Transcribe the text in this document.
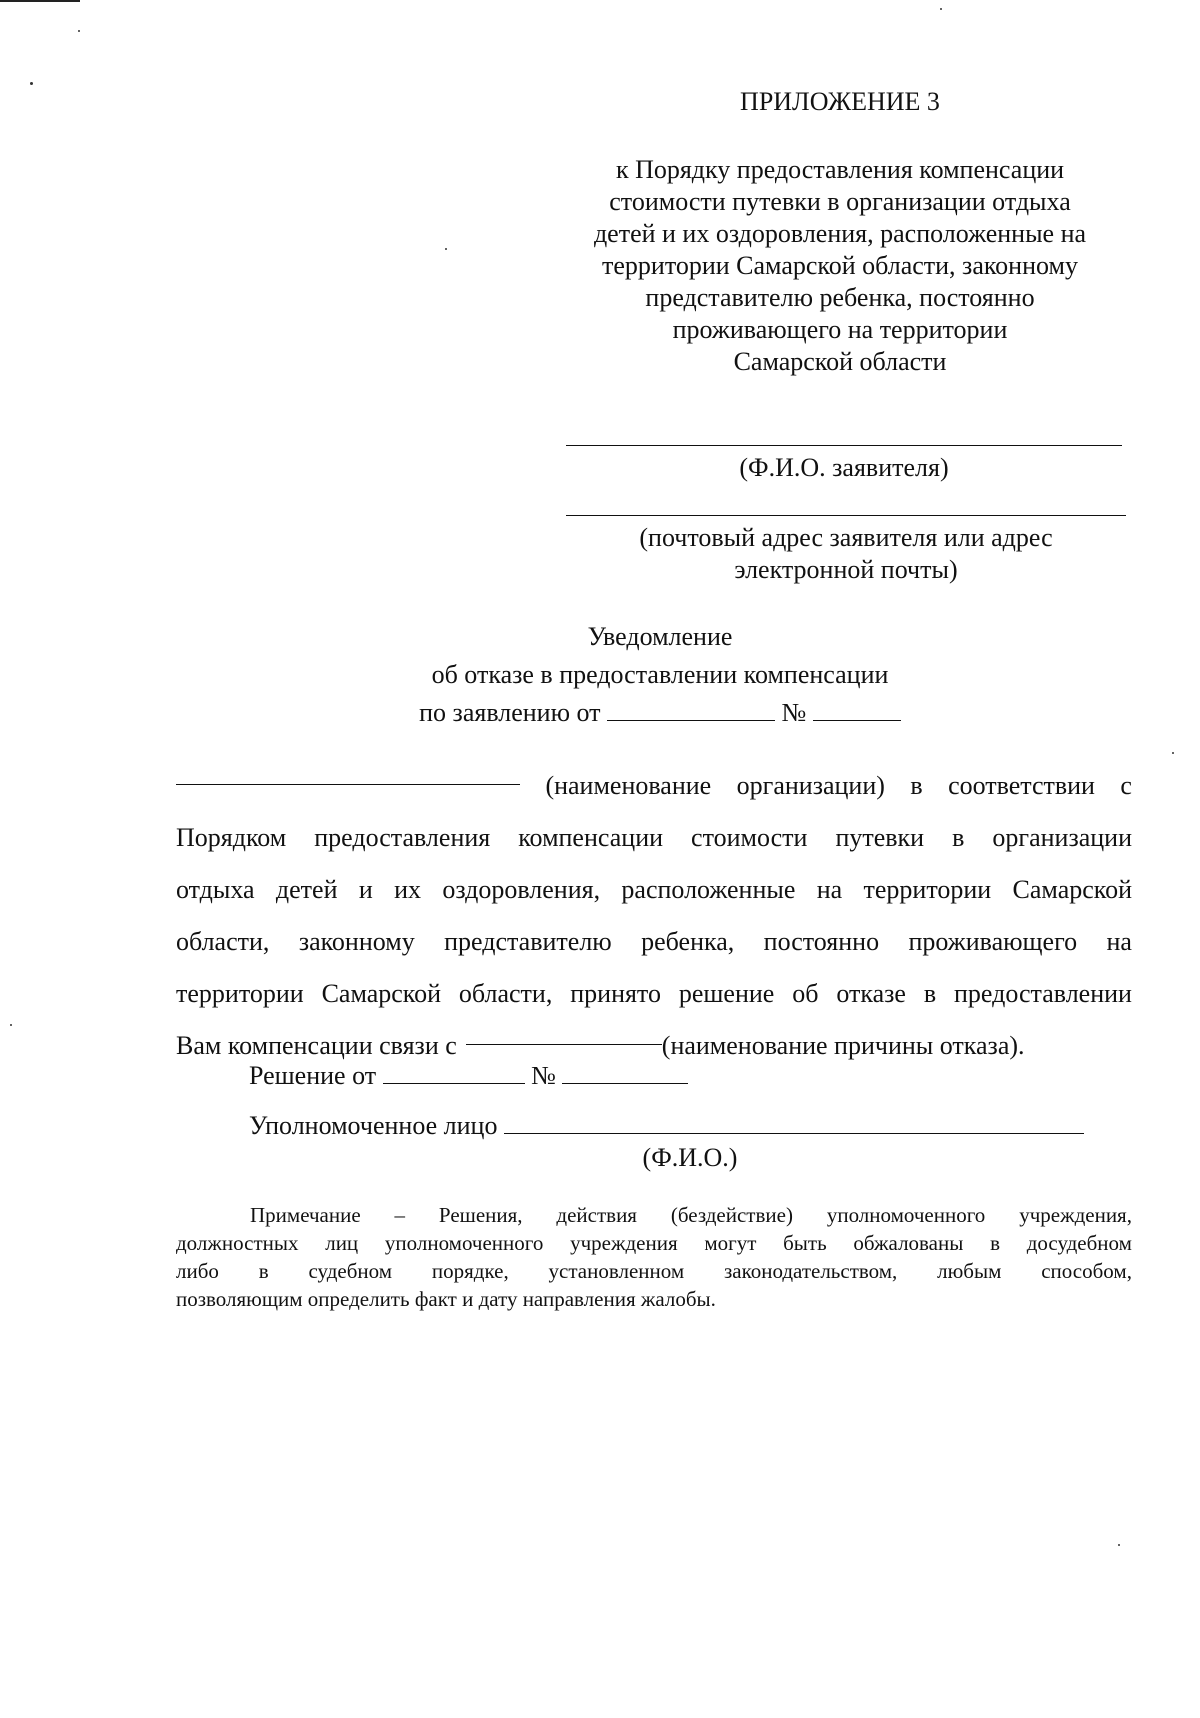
ПРИЛОЖЕНИЕ 3
к Порядку предоставления компенсации
стоимости путевки в организации отдыха
детей и их оздоровления, расположенные на
территории Самарской области, законному
представителю ребенка, постоянно
проживающего на территории
Самарской области
(Ф.И.О. заявителя)
(почтовый адрес заявителя или адрес
электронной почты)
Уведомление
об отказе в предоставлении компенсации
по заявлению от	№
(наименование организации) в соответствии с
Порядком предоставления компенсации стоимости путевки в организации
отдыха детей и их оздоровления, расположенные на территории Самарской
области, законному представителю ребенка, постоянно проживающего на
территории Самарской области, принято решение об отказе в предоставлении
Вам компенсации связи с	(наименование причины отказа).
Решение от	№
Уполномоченное лицо
(Ф.И.О.)
Примечание – Решения, действия (бездействие) уполномоченного учреждения,
должностных лиц уполномоченного учреждения могут быть обжалованы в досудебном
либо в судебном порядке, установленном законодательством, любым способом,
позволяющим определить факт и дату направления жалобы.
